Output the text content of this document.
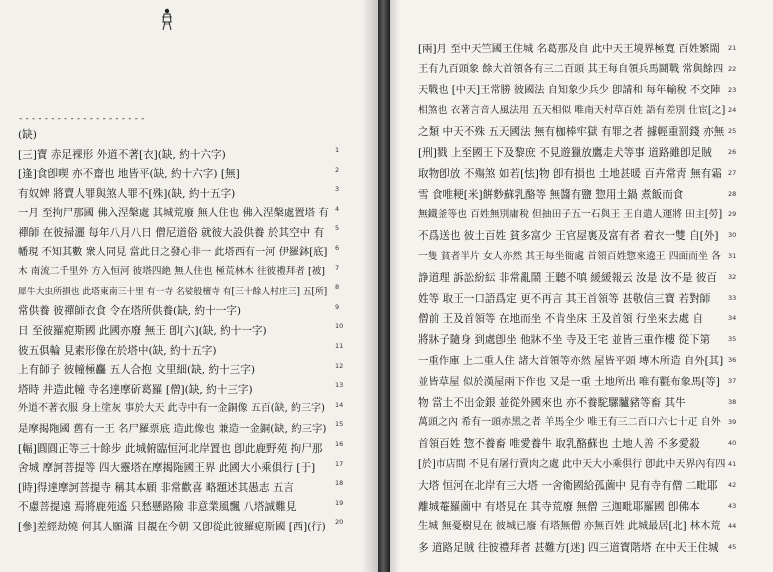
--------------------
(缺)
[三]寶 赤足裸形 外道不著[衣](缺, 約十六字)
[逢]食卽喫 亦不齋也 地皆平(缺, 約十六字) [無]
有奴婢 將賣人罪與煞人罪不[殊](缺, 約十五字)
一月 至拘尸那國 佛入涅槃處 其城荒廢 無人住也 佛入涅槃處置塔 有
禪師 在彼掃灑 每年八月八日 僧尼道俗 就彼大設供養 於其空中 有
幡現 不知其數 衆人同見 當此日之發心非一 此塔西有一河 伊羅鉢[底]
木 南流二千里外 方入恒河 彼塔四絶 無人住也 極荒林木 往彼禮拜者 [被]
犀牛大虫所損也 此塔東南三十里 有一寺 名娑般檀寺 有[三十餘人村庄三] 五[所]
常供養 彼禪師衣食 令在塔所供養(缺, 約十一字)
日 至彼羅痆斯國 此國亦廢 無王 卽[六](缺, 約十一字)
彼五俱輪 見素形像在於塔中(缺, 約十五字)
上有師子 彼幢極麤 五人合抱 文里細(缺, 約十三字)
塔時 并造此幢 寺名達摩斫葛羅 [僧](缺, 約十三字)
外道不著衣服 身上塗灰 事於大天 此寺中有一金銅像 五百(缺, 約三字)
是摩揭陁國 舊有一王 名尸羅票底 造此像也 兼造一金銅(缺, 約三字)
[輻]圓圓正等三十餘步 此城俯臨恒河北岸置也 卽此鹿野苑 拘尸那
舍城 摩訶菩提等 四大靈塔在摩揭陁國王界 此國大小乘俱行 [于]
[時]得達摩訶菩提寺 稱其本願 非常歡喜 略題述其愚志 五言
不慮菩提遠 焉將鹿苑遙 只愁懸路險 非意業風飄 八塔誠難見
[參]差經劫燒 何其人願滿 目覩在今朝 又卽從此彼羅痆斯國 [西](行)
1
2
3
4
5
6
7
8
9
10
11
12
13
14
15
16
17
18
19
20
[兩]月 至中天竺國王住城 名葛那及自 此中天王境界極寬 百姓繁閙
王有九百頭象 餘大首領各有三二百頭 其王每自領兵馬鬪戰 常與餘四
天戰也 [中天]王常勝 彼國法 自知象少兵少 卽請和 每年輸稅 不交陣
相煞也 衣著言音人風法用 五天相似 唯南天村草百姓 語有差別 仕宦[之]
之類 中天不殊 五天國法 無有枷棒牢獄 有罪之者 據輕重罰錢 亦無
[刑]戮 上至國王下及黎庶 不見遊獵放鷹走犬等事 道路雖卽足賊
取物卽放 不殤煞 如若[怯]物 卽有損也 土地甚暖 百卉常靑 無有霜
雪 食唯粳[米]餠麨蘇乳酪等 無醬有鹽 惣用土鍋 煮飯而食
無鐵釜等也 百姓無別庸稅 但抽田子五一石與王 王自遣人運將 田主[勞]
不爲送也 彼土百姓 貧多富少 王官屋裏及富有者 着衣一雙 自[外]
一隻 貧者半片 女人亦然 其王每坐衙處 首領百姓惣來遶王 四面而坐 各
諍道理 訴訟紛紜 非常亂鬧 王聽不嗔 緩緩報云 汝是 汝不是 彼百
姓等 取王一口語爲定 更不再言 其王首領等 甚敬信三寶 若對師
僧前 王及首領等 在地而坐 不肯坐床 王及首領 行坐來去處 自
將牀子隨身 到處卽坐 他牀不坐 寺及王宅 並皆三重作樓 從下第
一重作庫 上二重人住 諸大首領等亦然 屋皆平頭 塼木所造 自外[其]
並皆草屋 似於漢屋兩下作也 又是一重 土地所出 唯有氍布象馬[等]
物 當土不出金銀 並從外國來也 亦不養駝騾驢豬等畜 其牛
萬頭之內 希有一頭赤黑之者 羊馬全少 唯王有三二百口六七十疋 自外
首領百姓 惣不養畜 唯愛養牛 取乳酪蘇也 土地人善 不多愛殺
[於]市店間 不見有屠行賣肉之處 此中天大小乘俱行 卽此中天界內有四
大塔 恒河在北岸有三大塔 一舍衛國給孤薗中 見有寺有僧 二毗耶
離城菴羅薗中 有塔見在 其寺荒廢 無僧 三迦毗耶羅國 卽佛本
生城 無憂樹見在 彼城已廢 有塔無僧 亦無百姓 此城最居[北] 林木荒
多 道路足賊 往彼禮拜者 甚難方[迷] 四三道寶階塔 在中天王住城
21
22
23
24
25
26
27
28
29
30
31
32
33
34
35
36
37
38
39
40
41
42
43
44
45
